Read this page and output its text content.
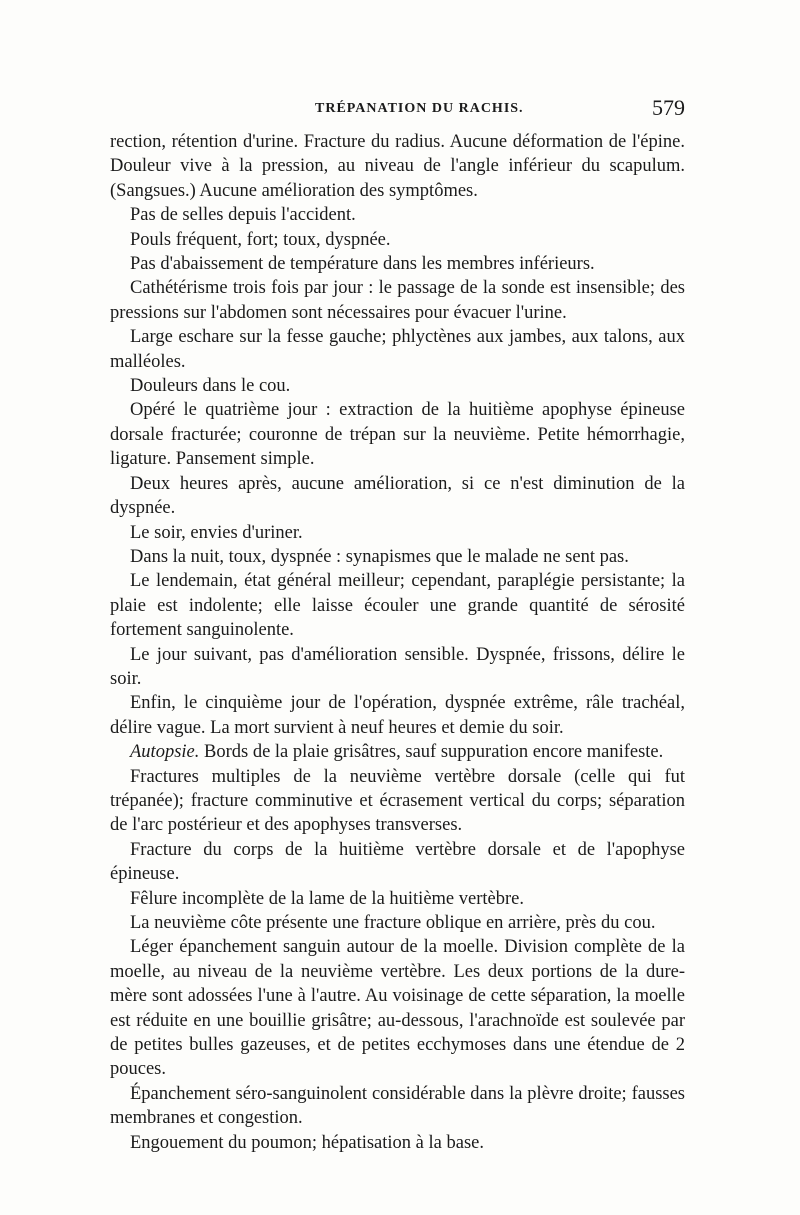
TRÉPANATION DU RACHIS.	579

rection, rétention d'urine. Fracture du radius. Aucune déformation de l'épine. Douleur vive à la pression, au niveau de l'angle inférieur du scapulum. (Sangsues.) Aucune amélioration des symptômes.

Pas de selles depuis l'accident.

Pouls fréquent, fort; toux, dyspnée.

Pas d'abaissement de température dans les membres inférieurs.

Cathétérisme trois fois par jour : le passage de la sonde est insensible; des pressions sur l'abdomen sont nécessaires pour évacuer l'urine.

Large eschare sur la fesse gauche; phlyctènes aux jambes, aux talons, aux malléoles.

Douleurs dans le cou.

Opéré le quatrième jour : extraction de la huitième apophyse épineuse dorsale fracturée; couronne de trépan sur la neuvième. Petite hémorrhagie, ligature. Pansement simple.

Deux heures après, aucune amélioration, si ce n'est diminution de la dyspnée.

Le soir, envies d'uriner.

Dans la nuit, toux, dyspnée : synapismes que le malade ne sent pas.

Le lendemain, état général meilleur; cependant, paraplégie persistante; la plaie est indolente; elle laisse écouler une grande quantité de sérosité fortement sanguinolente.

Le jour suivant, pas d'amélioration sensible. Dyspnée, frissons, délire le soir.

Enfin, le cinquième jour de l'opération, dyspnée extrême, râle trachéal, délire vague. La mort survient à neuf heures et demie du soir.

Autopsie. Bords de la plaie grisâtres, sauf suppuration encore manifeste.

Fractures multiples de la neuvième vertèbre dorsale (celle qui fut trépanée); fracture comminutive et écrasement vertical du corps; séparation de l'arc postérieur et des apophyses transverses.

Fracture du corps de la huitième vertèbre dorsale et de l'apophyse épineuse.

Fêlure incomplète de la lame de la huitième vertèbre.

La neuvième côte présente une fracture oblique en arrière, près du cou.

Léger épanchement sanguin autour de la moelle. Division complète de la moelle, au niveau de la neuvième vertèbre. Les deux portions de la dure-mère sont adossées l'une à l'autre. Au voisinage de cette séparation, la moelle est réduite en une bouillie grisâtre; au-dessous, l'arachnoïde est soulevée par de petites bulles gazeuses, et de petites ecchymoses dans une étendue de 2 pouces.

Épanchement séro-sanguinolent considérable dans la plèvre droite; fausses membranes et congestion.

Engouement du poumon; hépatisation à la base.
